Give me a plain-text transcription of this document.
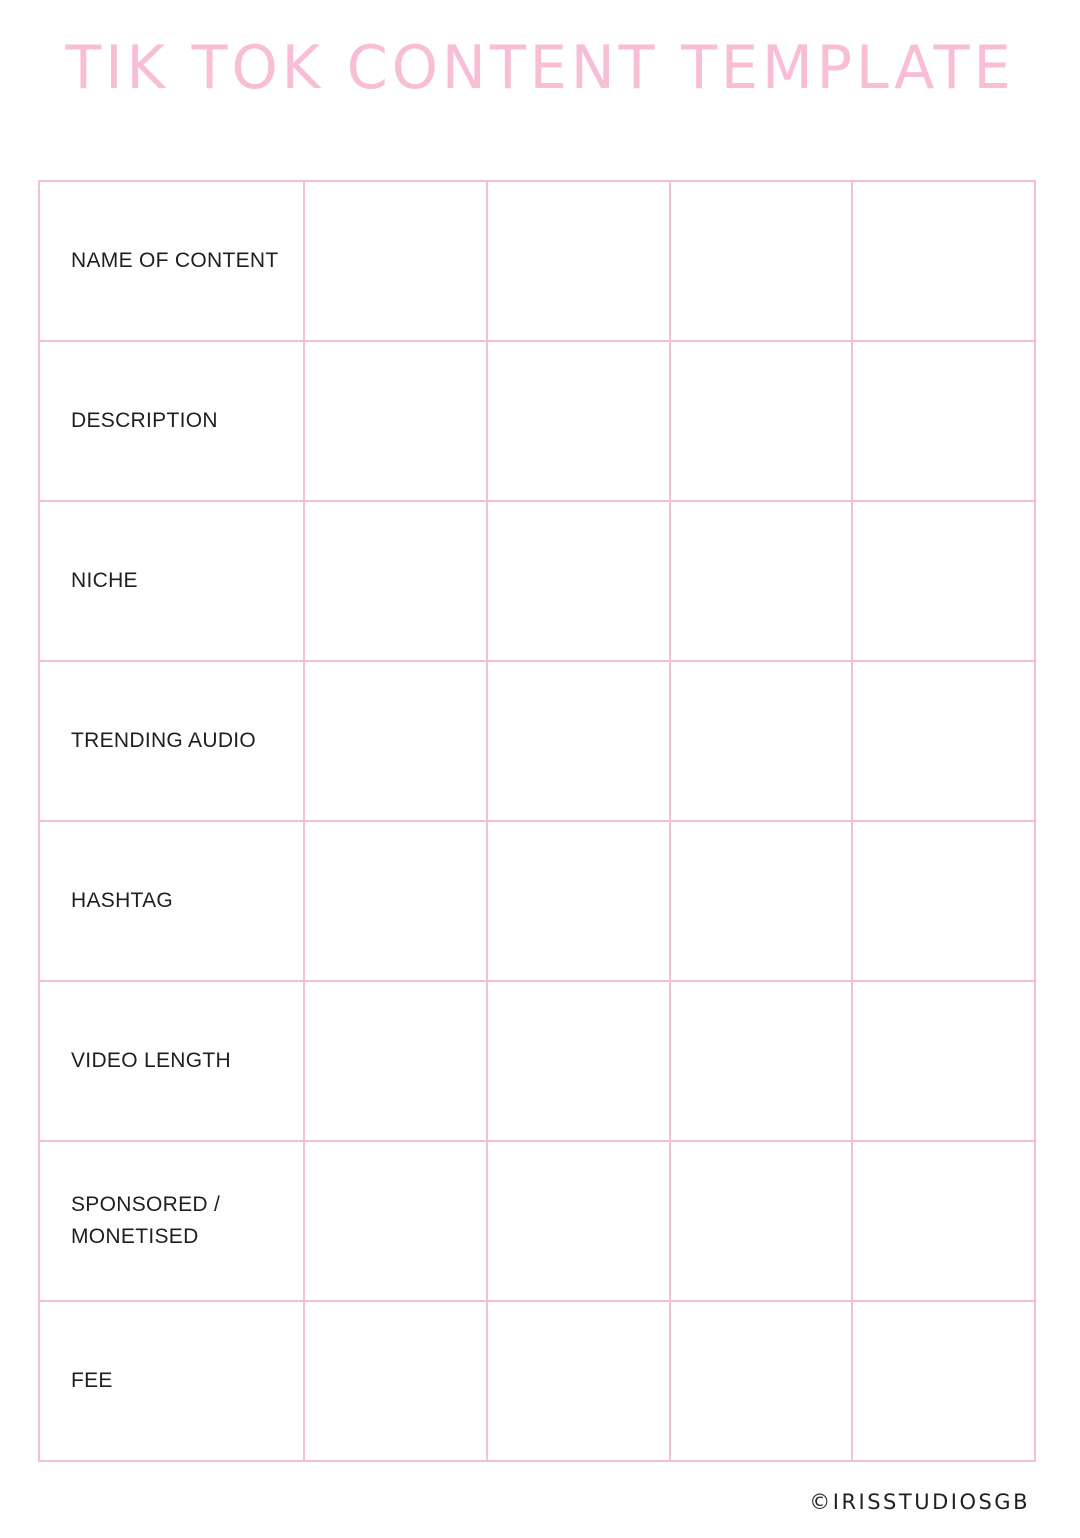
TIK TOK CONTENT TEMPLATE
NAME OF CONTENT				
DESCRIPTION				
NICHE				
TRENDING AUDIO				
HASHTAG				
VIDEO LENGTH				
SPONSORED /
MONETISED				
FEE				
©IRISSTUDIOSGB
